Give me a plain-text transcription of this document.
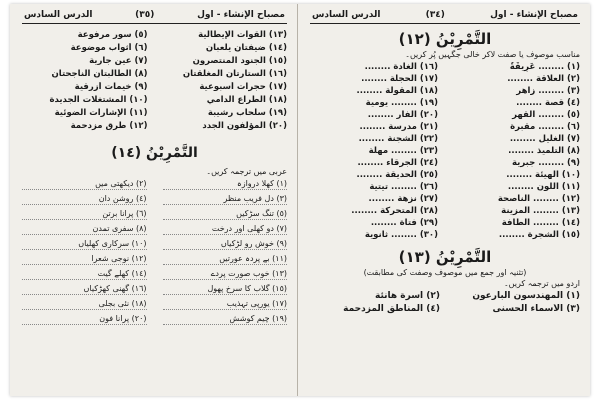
مصباح الإنشاء - اول
(٣٥)
الدرس السادس
(١٣) القوات الإيطالية
(٥) سور مرفوعة
(١٤) ضيفتان يلعبان
(٦) أثواب موضوعة
(١٥) الجنود المنتصرون
(٧) عين جارية
(١٦) الستارتان المغلقتان
(٨) الطالبتان الناجحتان
(١٧) حجرات أسبوعية
(٩) خيمات أزرقية
(١٨) الطراع الدامي
(١٠) المشتغلات الجديدة
(١٩) سلحاب رشيبة
(١١) الإشارات الضوئية
(٢٠) المؤلفون الجدد
(١٢) طرق مزدحمة
التَّمْرِيْنُ (١٤)
عربی میں ترجمہ کریں۔
(١) کھلا دروازہ
(٢) دیکھتی میں
(٣) دل فریب منظر
(٤) روشن دان
(٥) تنگ سڑکیں
(٦) پرانا برتن
(٧) دو کھلی اور درخت
(٨) سفری تمدن
(٩) خوش رو لڑکیاں
(١٠) سرکاری کھلیاں
(١١) بے پردہ عورتیں
(١٢) نوجی شعرا
(١٣) خوب صورت پردے
(١٤) کھلے گیت
(١٥) گلاب کا سرخ پھول
(١٦) گھنی کھڑکیاں
(١٧) یورپی تہذیب
(١٨) نئی بجلی
(١٩) چیم کوشش
(٢٠) پرانا فون
مصباح الإنشاء - اول
(٣٤)
الدرس السادس
التَّمْرِيْنُ (١٢)
مناسب موصوف یا صفت لاکر خالی جگہیں پُر کریں۔
(١) ........ عَرِيقَةٌ
(١٦) الغادة ........
(٢) العلاقة ........
(١٧) الحجلة ........
(٣) ........ زاهر
(١٨) المقولة ........
(٤) قصة ........
(١٩) ........ يومية
(٥) ........ القهر
(٢٠) الفار ........
(٦) ........ مقبرة
(٢١) مدرسة ........
(٧) الغليل ........
(٢٢) الشجنة ........
(٨) التلميذ ........
(٢٣) ........ مهلة
(٩) ........ جبرية
(٢٤) الجرقاء ........
(١٠) الهيئة ........
(٢٥) الحديقة ........
(١١) اللون ........
(٢٦) ........ تيتية
(١٢) ........ الناصحة
(٢٧) نزهة ........
(١٣) ........ المزينة
(٢٨) المتحركة ........
(١٤) ........ الطافة
(٢٩) فتاة ........
(١٥) الشجرة ........
(٣٠) ........ ثانوية
التَّمْرِيْنُ (١٣)
(تثنیہ اور جمع میں موصوف وصفت کی مطابقت)
اردو میں ترجمہ کریں۔
(١) المهندسون البارعون
(٢) أسرة هانئة
(٣) الأسماء الحسنى
(٤) المناطق المزدحمة
